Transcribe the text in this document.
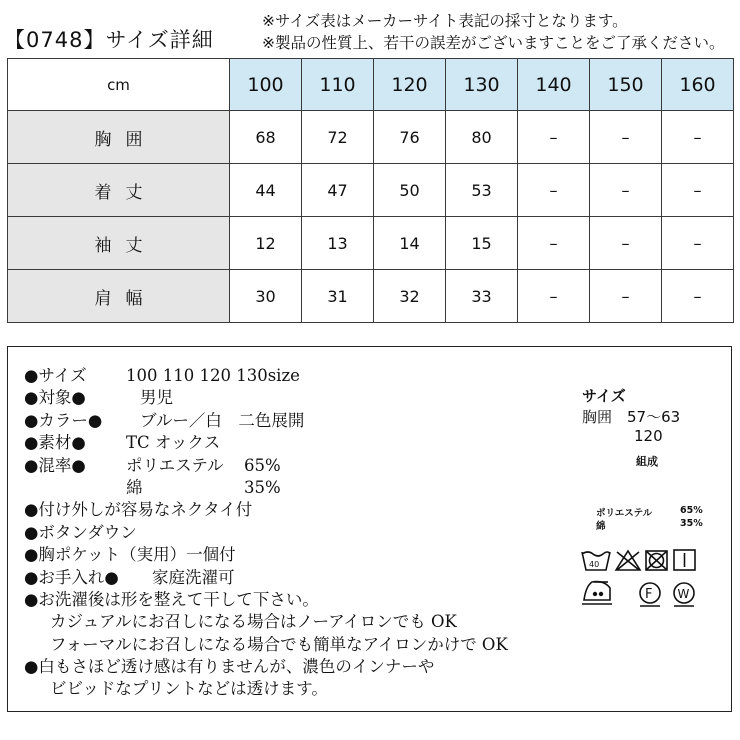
【0748】サイズ詳細
※サイズ表はメーカーサイト表記の採寸となります。
※製品の性質上、若干の誤差がございますことをご了承ください。
cm	100	110	120	130	140	150	160
胸囲	68	72	76	80	–	–	–
着丈	44	47	50	53	–	–	–
袖丈	12	13	14	15	–	–	–
肩幅	30	31	32	33	–	–	–
●サイズ 100 110 120 130size
●対象●	男児
●カラー● ブルー／白　二色展開
●素材● TC オックス
●混率● ポリエステル 65%
綿	35%
●付け外しが容易なネクタイ付
●ボタンダウン
●胸ポケット（実用）一個付
●お手入れ● 家庭洗濯可
●お洗濯後は形を整えて干して下さい。
カジュアルにお召しになる場合はノーアイロンでも OK
フォーマルにお召しになる場合でも簡単なアイロンかけで OK
●白もさほど透け感は有りませんが、濃色のインナーや
ビビッドなプリントなどは透けます。
サイズ
胸囲　57～63
120
組成
ポリエステル	65%
綿	35%
40
F W
